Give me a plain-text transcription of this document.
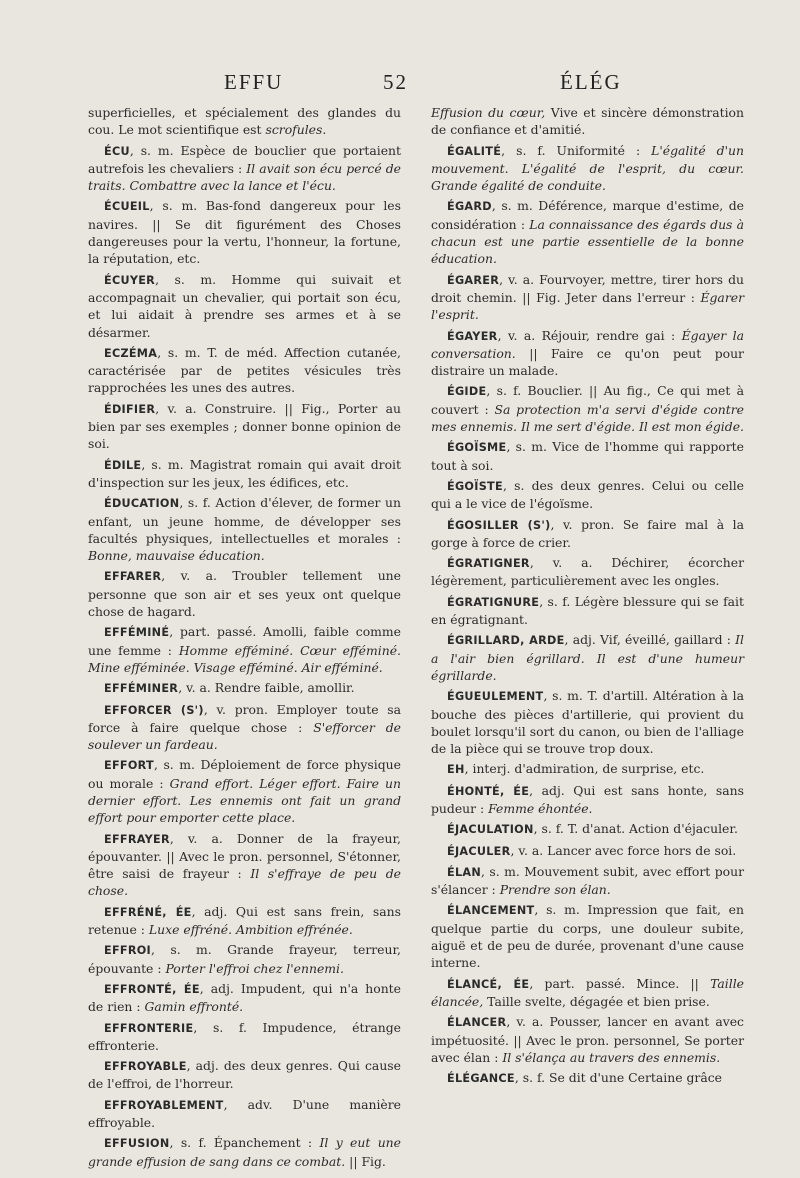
EFFU	52	ÉLÉG

superficielles, et spécialement des glandes du cou. Le mot scientifique est scrofules.

ÉCU, s. m. Espèce de bouclier que portaient autrefois les chevaliers : Il avait son écu percé de traits. Combattre avec la lance et l'écu.

ÉCUEIL, s. m. Bas-fond dangereux pour les navires. || Se dit figurément des Choses dangereuses pour la vertu, l'honneur, la fortune, la réputation, etc.

ÉCUYER, s. m. Homme qui suivait et accompagnait un chevalier, qui portait son écu, et lui aidait à prendre ses armes et à se désarmer.

ECZÉMA, s. m. T. de méd. Affection cutanée, caractérisée par de petites vésicules très rapprochées les unes des autres.

ÉDIFIER, v. a. Construire. || Fig., Porter au bien par ses exemples ; donner bonne opinion de soi.

ÉDILE, s. m. Magistrat romain qui avait droit d'inspection sur les jeux, les édifices, etc.

ÉDUCATION, s. f. Action d'élever, de former un enfant, un jeune homme, de développer ses facultés physiques, intellectuelles et morales : Bonne, mauvaise éducation.

EFFARER, v. a. Troubler tellement une personne que son air et ses yeux ont quelque chose de hagard.

EFFÉMINÉ, part. passé. Amolli, faible comme une femme : Homme efféminé. Cœur efféminé. Mine efféminée. Visage efféminé. Air efféminé.

EFFÉMINER, v. a. Rendre faible, amollir.

EFFORCER (S'), v. pron. Employer toute sa force à faire quelque chose : S'efforcer de soulever un fardeau.

EFFORT, s. m. Déploiement de force physique ou morale : Grand effort. Léger effort. Faire un dernier effort. Les ennemis ont fait un grand effort pour emporter cette place.

EFFRAYER, v. a. Donner de la frayeur, épouvanter. || Avec le pron. personnel, S'étonner, être saisi de frayeur : Il s'effraye de peu de chose.

EFFRÉNÉ, ÉE, adj. Qui est sans frein, sans retenue : Luxe effréné. Ambition effrénée.

EFFROI, s. m. Grande frayeur, terreur, épouvante : Porter l'effroi chez l'ennemi.

EFFRONTÉ, ÉE, adj. Impudent, qui n'a honte de rien : Gamin effronté.

EFFRONTERIE, s. f. Impudence, étrange effronterie.

EFFROYABLE, adj. des deux genres. Qui cause de l'effroi, de l'horreur.

EFFROYABLEMENT, adv. D'une manière effroyable.

EFFUSION, s. f. Épanchement : Il y eut une grande effusion de sang dans ce combat. || Fig.

Effusion du cœur, Vive et sincère démonstration de confiance et d'amitié.

ÉGALITÉ, s. f. Uniformité : L'égalité d'un mouvement. L'égalité de l'esprit, du cœur. Grande égalité de conduite.

ÉGARD, s. m. Déférence, marque d'estime, de considération : La connaissance des égards dus à chacun est une partie essentielle de la bonne éducation.

ÉGARER, v. a. Fourvoyer, mettre, tirer hors du droit chemin. || Fig. Jeter dans l'erreur : Égarer l'esprit.

ÉGAYER, v. a. Réjouir, rendre gai : Égayer la conversation. || Faire ce qu'on peut pour distraire un malade.

ÉGIDE, s. f. Bouclier. || Au fig., Ce qui met à couvert : Sa protection m'a servi d'égide contre mes ennemis. Il me sert d'égide. Il est mon égide.

ÉGOÏSME, s. m. Vice de l'homme qui rapporte tout à soi.

ÉGOÏSTE, s. des deux genres. Celui ou celle qui a le vice de l'égoïsme.

ÉGOSILLER (S'), v. pron. Se faire mal à la gorge à force de crier.

ÉGRATIGNER, v. a. Déchirer, écorcher légèrement, particulièrement avec les ongles.

ÉGRATIGNURE, s. f. Légère blessure qui se fait en égratignant.

ÉGRILLARD, ARDE, adj. Vif, éveillé, gaillard : Il a l'air bien égrillard. Il est d'une humeur égrillarde.

ÉGUEULEMENT, s. m. T. d'artill. Altération à la bouche des pièces d'artillerie, qui provient du boulet lorsqu'il sort du canon, ou bien de l'alliage de la pièce qui se trouve trop doux.

EH, interj. d'admiration, de surprise, etc.

ÉHONTÉ, ÉE, adj. Qui est sans honte, sans pudeur : Femme éhontée.

ÉJACULATION, s. f. T. d'anat. Action d'éjaculer.

ÉJACULER, v. a. Lancer avec force hors de soi.

ÉLAN, s. m. Mouvement subit, avec effort pour s'élancer : Prendre son élan.

ÉLANCEMENT, s. m. Impression que fait, en quelque partie du corps, une douleur subite, aiguë et de peu de durée, provenant d'une cause interne.

ÉLANCÉ, ÉE, part. passé. Mince. || Taille élancée, Taille svelte, dégagée et bien prise.

ÉLANCER, v. a. Pousser, lancer en avant avec impétuosité. || Avec le pron. personnel, Se porter avec élan : Il s'élança au travers des ennemis.

ÉLÉGANCE, s. f. Se dit d'une Certaine grâce
